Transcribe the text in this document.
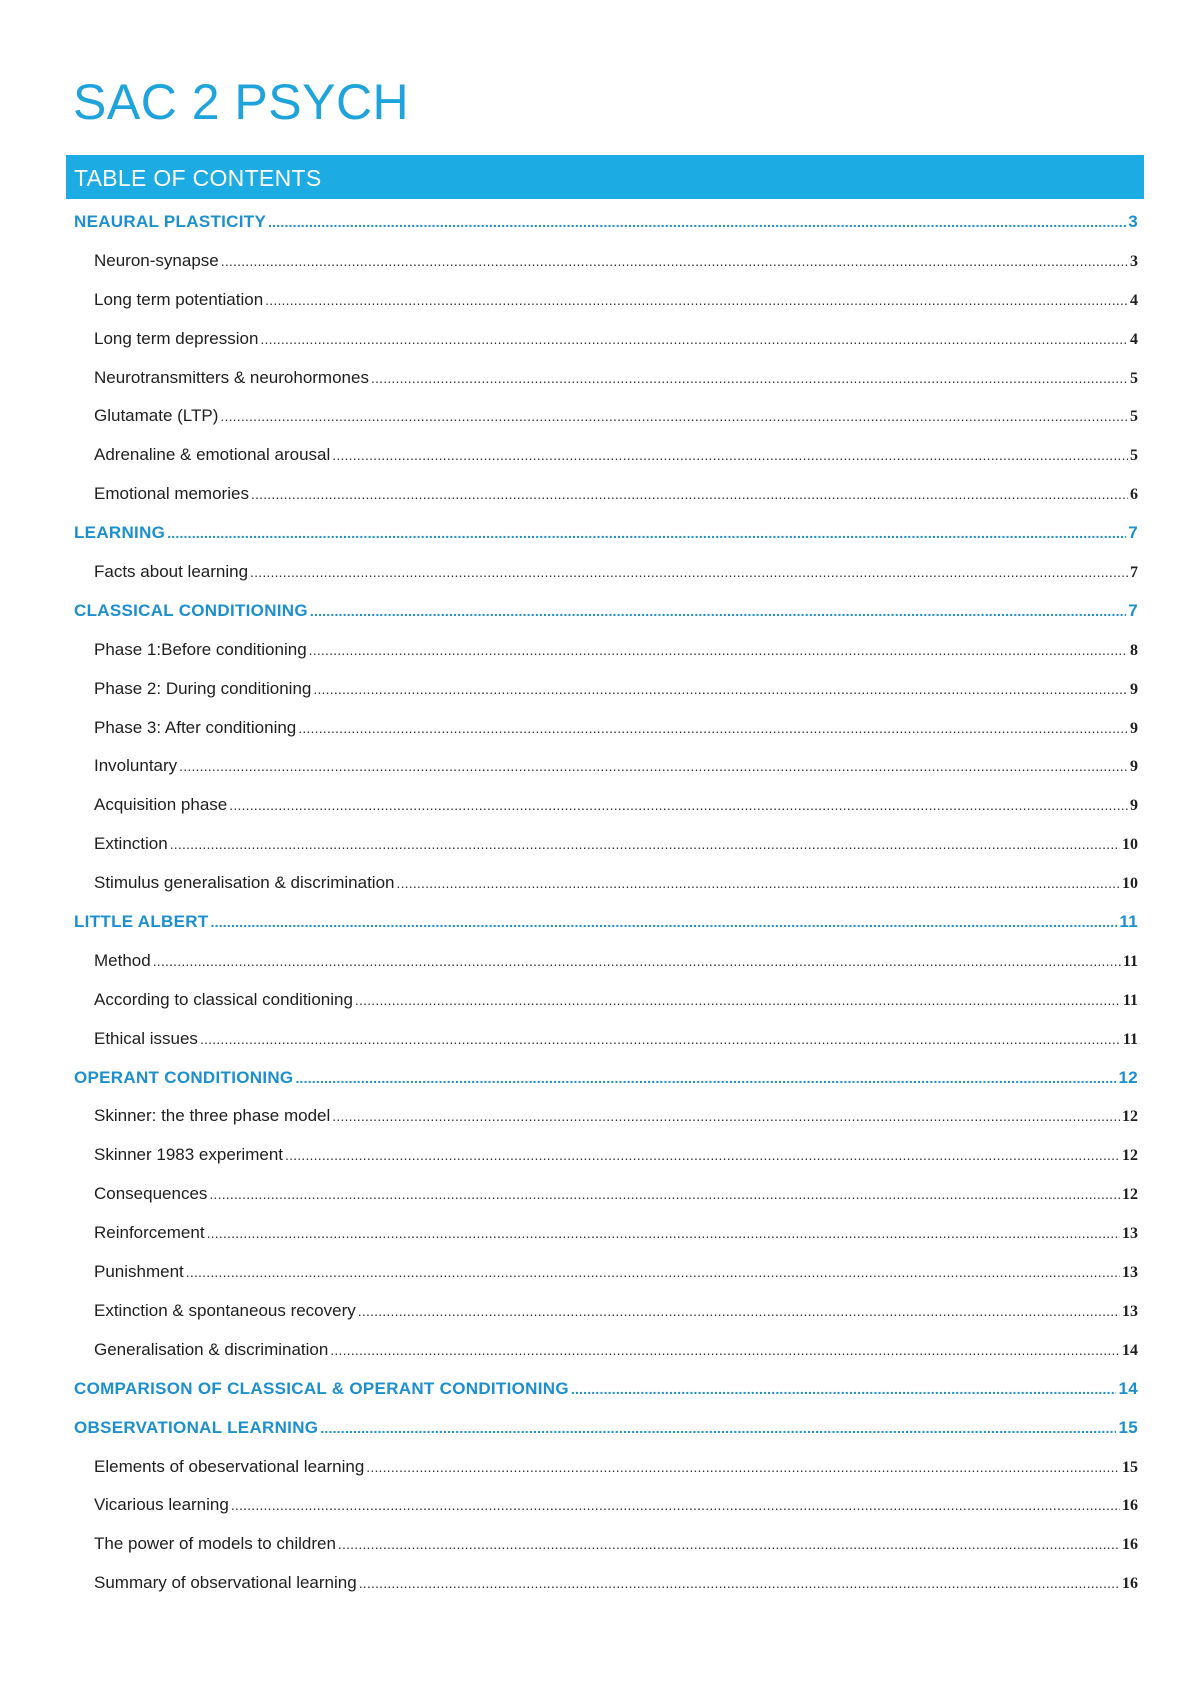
SAC 2 PSYCH
TABLE OF CONTENTS
NEAURAL PLASTICITY .....	3
Neuron-synapse .....	3
Long term potentiation .....	4
Long term depression .....	4
Neurotransmitters & neurohormones .....	5
Glutamate (LTP) .....	5
Adrenaline & emotional arousal .....	5
Emotional memories .....	6
LEARNING .....	7
Facts about learning .....	7
CLASSICAL CONDITIONING .....	7
Phase 1:Before conditioning .....	8
Phase 2: During conditioning .....	9
Phase 3: After conditioning .....	9
Involuntary .....	9
Acquisition phase .....	9
Extinction .....	10
Stimulus generalisation & discrimination .....	10
LITTLE ALBERT .....	11
Method .....	11
According to classical conditioning .....	11
Ethical issues .....	11
OPERANT CONDITIONING .....	12
Skinner: the three phase model .....	12
Skinner 1983 experiment .....	12
Consequences .....	12
Reinforcement .....	13
Punishment .....	13
Extinction & spontaneous recovery .....	13
Generalisation & discrimination .....	14
COMPARISON OF CLASSICAL & OPERANT CONDITIONING .....	14
OBSERVATIONAL LEARNING .....	15
Elements of obeservational learning .....	15
Vicarious learning .....	16
The power of models to children .....	16
Summary of observational learning .....	16
